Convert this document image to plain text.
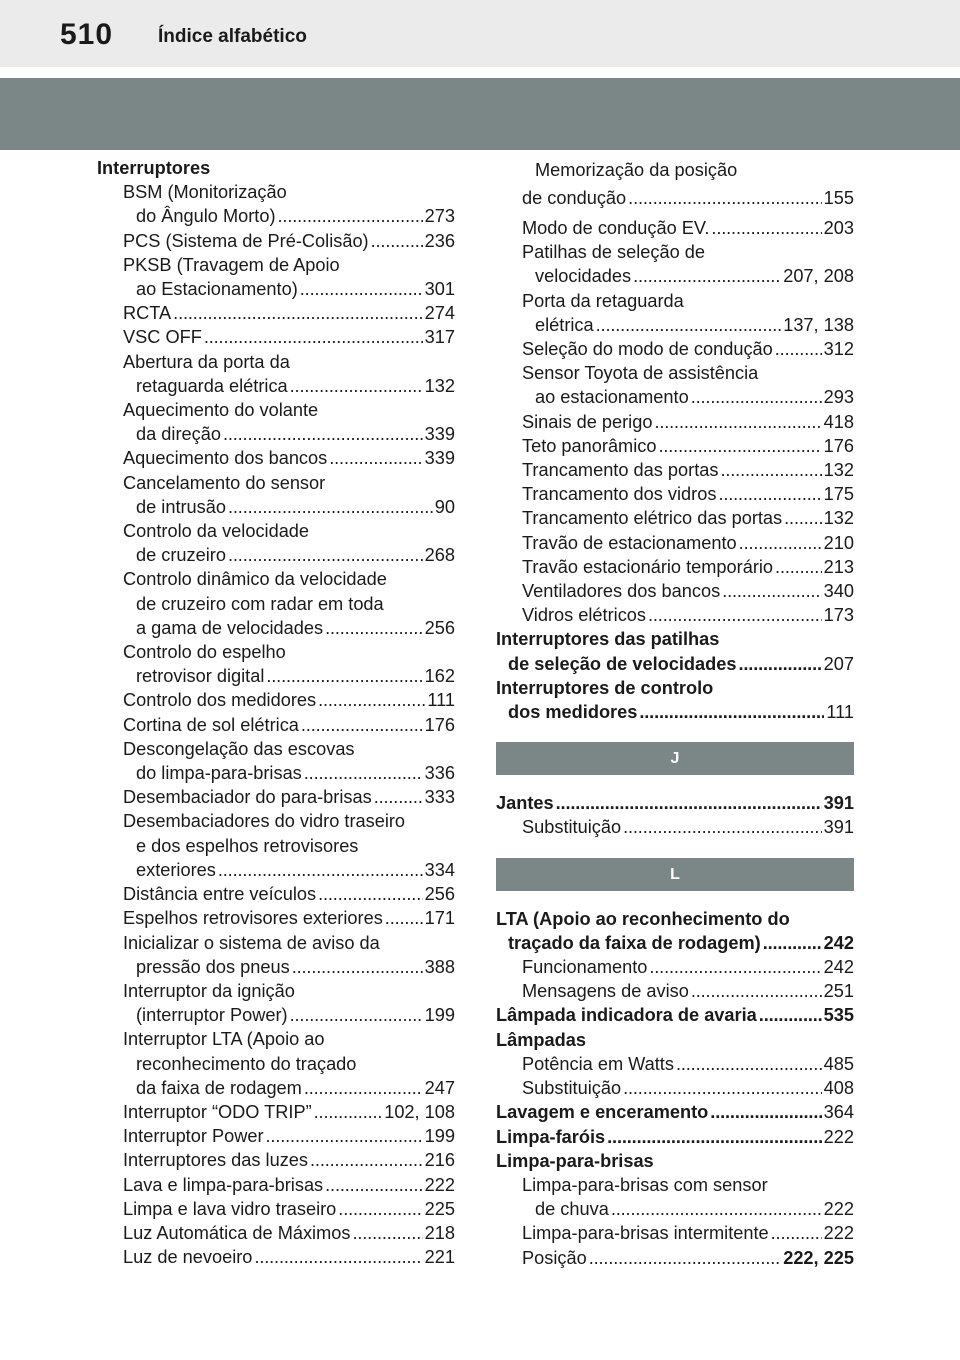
510 Índice alfabético
Interruptores
BSM (Monitorização
do Ângulo Morto) . . .	273
PCS (Sistema de Pré-Colisão) . . .	236
PKSB (Travagem de Apoio
ao Estacionamento) . . .	301
RCTA . . .	274
VSC OFF . . .	317
Abertura da porta da
retaguarda elétrica . . .	132
Aquecimento do volante
da direção . . .	339
Aquecimento dos bancos . . .	339
Cancelamento do sensor
de intrusão . . .	90
Controlo da velocidade
de cruzeiro . . .	268
Controlo dinâmico da velocidade
de cruzeiro com radar em toda
a gama de velocidades . . .	256
Controlo do espelho
retrovisor digital . . .	162
Controlo dos medidores . . .	111
Cortina de sol elétrica . . .	176
Descongelação das escovas
do limpa-para-brisas . . .	336
Desembaciador do para-brisas . . .	333
Desembaciadores do vidro traseiro
e dos espelhos retrovisores
exteriores . . .	334
Distância entre veículos . . .	256
Espelhos retrovisores exteriores . . . 171
Inicializar o sistema de aviso da
pressão dos pneus . . .	388
Interruptor da ignição
(interruptor Power) . . .	199
Interruptor LTA (Apoio ao
reconhecimento do traçado
da faixa de rodagem . . .	247
Interruptor “ODO TRIP” . . .	102, 108
Interruptor Power . . .	199
Interruptores das luzes . . .	216
Lava e limpa-para-brisas . . .	222
Limpa e lava vidro traseiro . . .	225
Luz Automática de Máximos . . .	218
Luz de nevoeiro . . .	221
Memorização da posição
de condução . . .	155
Modo de condução EV. . . .	203
Patilhas de seleção de
velocidades . . .	207, 208
Porta da retaguarda
elétrica . . .	137, 138
Seleção do modo de condução . . .	312
Sensor Toyota de assistência
ao estacionamento . . .	293
Sinais de perigo . . .	418
Teto panorâmico . . .	176
Trancamento das portas . . .	132
Trancamento dos vidros . . .	175
Trancamento elétrico das portas . . . 132
Travão de estacionamento . . .	210
Travão estacionário temporário . . .	213
Ventiladores dos bancos . . .	340
Vidros elétricos . . .	173
Interruptores das patilhas
de seleção de velocidades . . .	207
Interruptores de controlo
dos medidores . . .	111
J
Jantes . . .	391
Substituição . . .	391
L
LTA (Apoio ao reconhecimento do
traçado da faixa de rodagem) . . .	242
Funcionamento . . .	242
Mensagens de aviso . . .	251
Lâmpada indicadora de avaria . . .	535
Lâmpadas
Potência em Watts . . .	485
Substituição . . .	408
Lavagem e enceramento . . .	364
Limpa-faróis . . .	222
Limpa-para-brisas
Limpa-para-brisas com sensor
de chuva . . .	222
Limpa-para-brisas intermitente . . .	222
Posição . . .	222, 225
